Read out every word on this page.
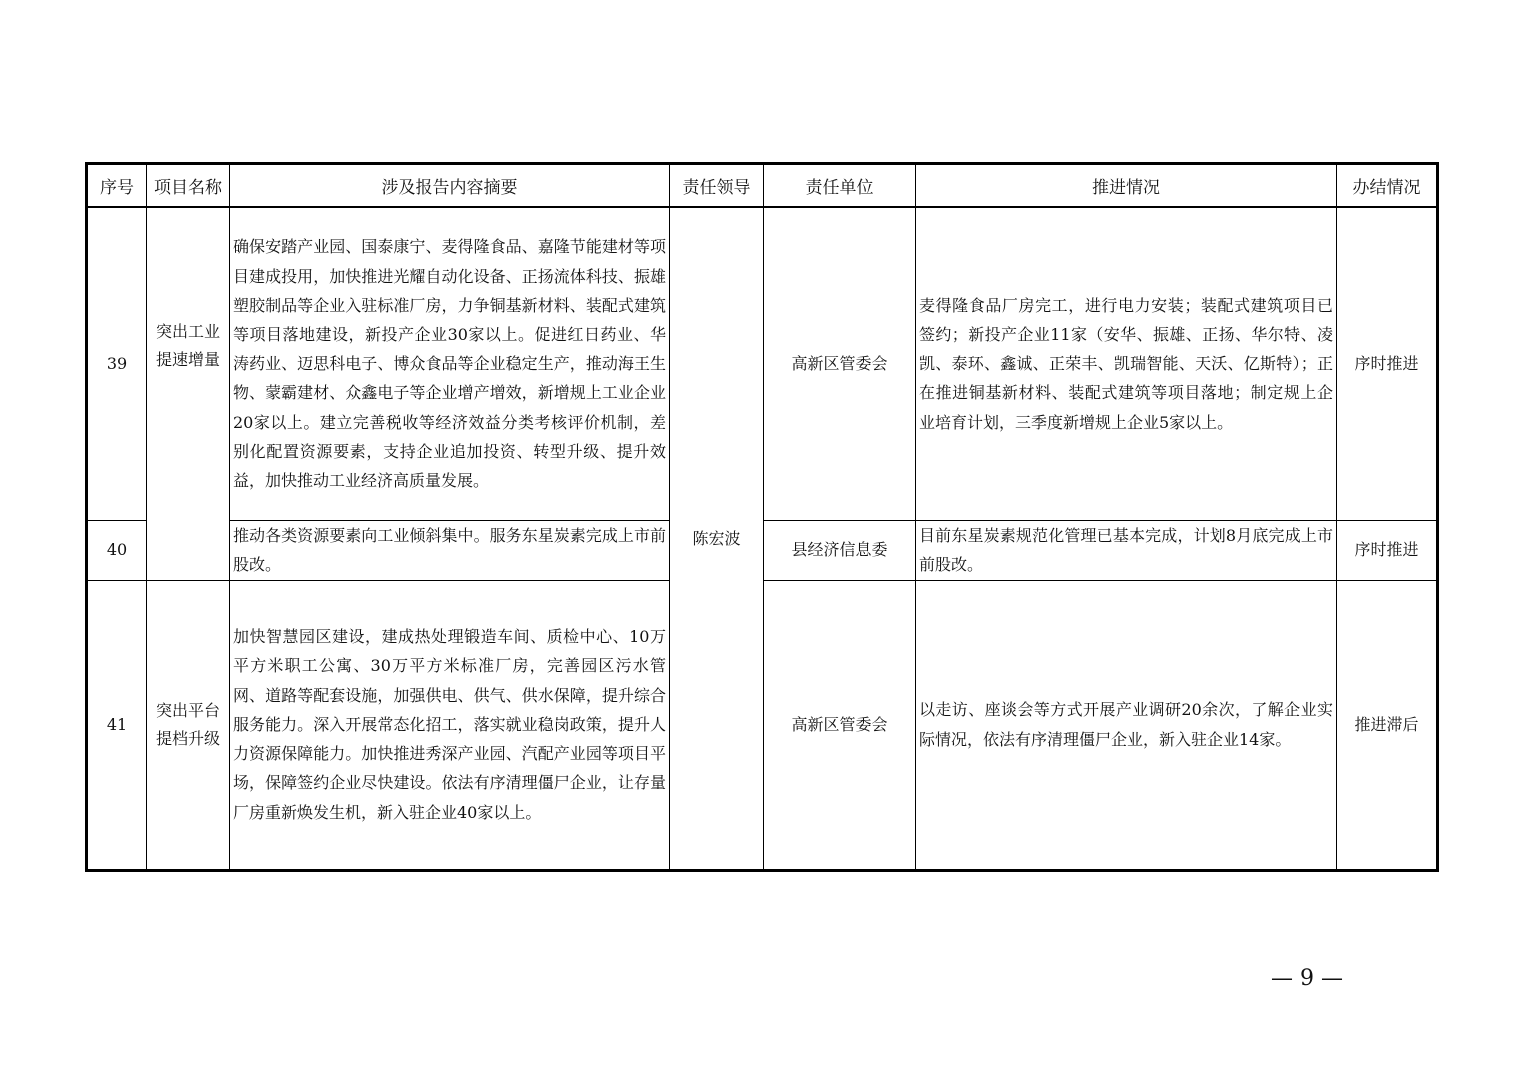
序号	项目名称	涉及报告内容摘要	责任领导	责任单位	推进情况	办结情况
39	突出工业提速增量	确保安踏产业园、国泰康宁、麦得隆食品、嘉隆节能建材等项目建成投用，加快推进光耀自动化设备、正扬流体科技、振雄塑胶制品等企业入驻标准厂房，力争铜基新材料、装配式建筑等项目落地建设，新投产企业30家以上。促进红日药业、华涛药业、迈思科电子、博众食品等企业稳定生产，推动海王生物、蒙霸建材、众鑫电子等企业增产增效，新增规上工业企业20家以上。建立完善税收等经济效益分类考核评价机制，差别化配置资源要素，支持企业追加投资、转型升级、提升效益，加快推动工业经济高质量发展。	陈宏波	高新区管委会	麦得隆食品厂房完工，进行电力安装；装配式建筑项目已签约；新投产企业11家（安华、振雄、正扬、华尔特、凌凯、泰环、鑫诚、正荣丰、凯瑞智能、天沃、亿斯特）；正在推进铜基新材料、装配式建筑等项目落地；制定规上企业培育计划，三季度新增规上企业5家以上。	序时推进
40		推动各类资源要素向工业倾斜集中。服务东星炭素完成上市前股改。		县经济信息委	目前东星炭素规范化管理已基本完成，计划8月底完成上市前股改。	序时推进
41	突出平台提档升级	加快智慧园区建设，建成热处理锻造车间、质检中心、10万平方米职工公寓、30万平方米标准厂房，完善园区污水管网、道路等配套设施，加强供电、供气、供水保障，提升综合服务能力。深入开展常态化招工，落实就业稳岗政策，提升人力资源保障能力。加快推进秀深产业园、汽配产业园等项目平场，保障签约企业尽快建设。依法有序清理僵尸企业，让存量厂房重新焕发生机，新入驻企业40家以上。		高新区管委会	以走访、座谈会等方式开展产业调研20余次，了解企业实际情况，依法有序清理僵尸企业，新入驻企业14家。	推进滞后
— 9 —
